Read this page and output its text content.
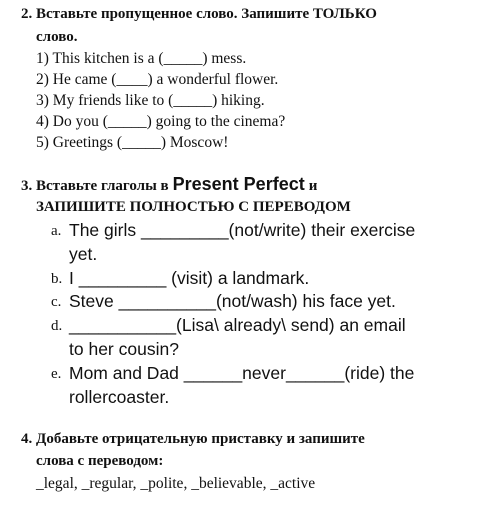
2. Вставьте пропущенное слово. Запишите ТОЛЬКО
слово.
1) This kitchen is a (_____) mess.
2) He came (____) a wonderful flower.
3) My friends like to (_____) hiking.
4) Do you (_____) going to the cinema?
5) Greetings (_____) Moscow!
3. Вставьте глаголы в Present Perfect и
ЗАПИШИТЕ ПОЛНОСТЬЮ С ПЕРЕВОДОМ
a. The girls _________(not/write) their exercise
yet.
b. I _________ (visit) a landmark.
c. Steve __________(not/wash) his face yet.
d. ___________(Lisa\ already\ send) an email
to her cousin?
e. Mom and Dad ______never______(ride) the
rollercoaster.
4. Добавьте отрицательную приставку и запишите
слова с переводом:
_legal, _regular, _polite, _believable, _active
